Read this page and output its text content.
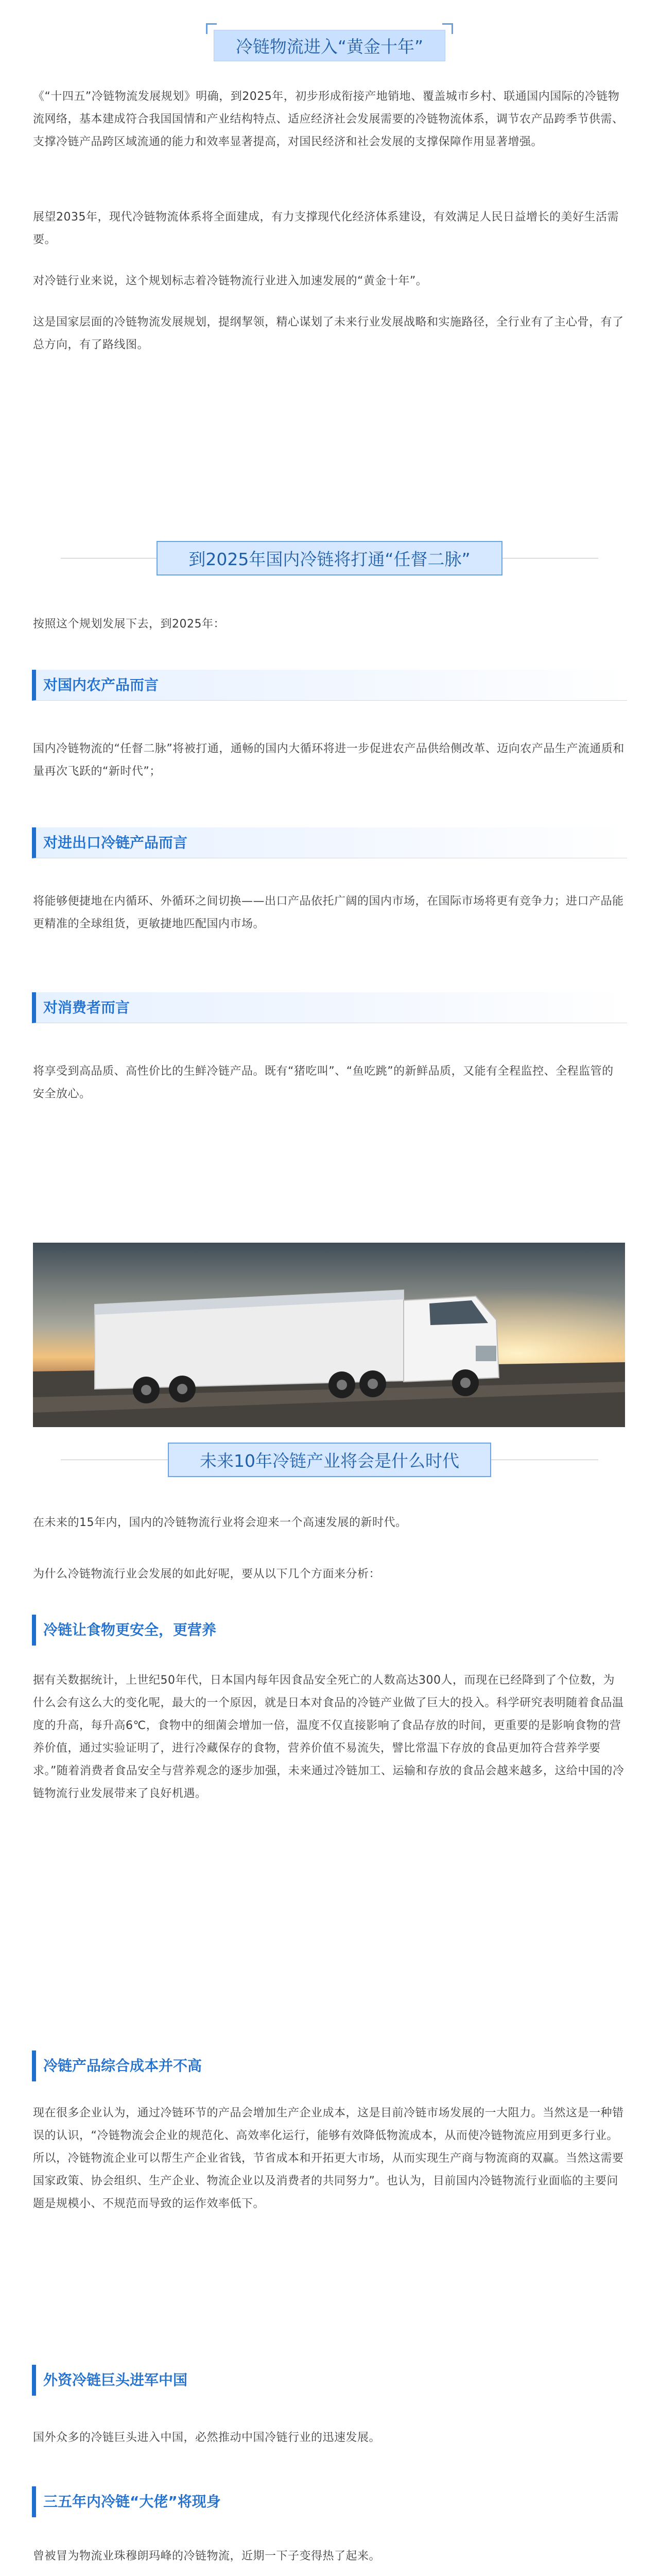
冷链物流进入“黄金十年”

《“十四五”冷链物流发展规划》明确，到2025年，初步形成衔接产地销地、覆盖城市乡村、联通国内国际的冷链物流网络，基本建成符合我国国情和产业结构特点、适应经济社会发展需要的冷链物流体系，调节农产品跨季节供需、支撑冷链产品跨区域流通的能力和效率显著提高，对国民经济和社会发展的支撑保障作用显著增强。

展望2035年，现代冷链物流体系将全面建成，有力支撑现代化经济体系建设，有效满足人民日益增长的美好生活需要。

对冷链行业来说，这个规划标志着冷链物流行业进入加速发展的“黄金十年”。

这是国家层面的冷链物流发展规划，提纲挈领，精心谋划了未来行业发展战略和实施路径，全行业有了主心骨，有了总方向，有了路线图。

到2025年国内冷链将打通“任督二脉”

按照这个规划发展下去，到2025年：

对国内农产品而言

国内冷链物流的“任督二脉”将被打通，通畅的国内大循环将进一步促进农产品供给侧改革、迈向农产品生产流通质和量再次飞跃的“新时代”；

对进出口冷链产品而言

将能够便捷地在内循环、外循环之间切换——出口产品依托广阔的国内市场，在国际市场将更有竞争力；进口产品能更精准的全球组货，更敏捷地匹配国内市场。

对消费者而言

将享受到高品质、高性价比的生鲜冷链产品。既有“猪吃叫”、“鱼吃跳”的新鲜品质，又能有全程监控、全程监管的安全放心。

未来10年冷链产业将会是什么时代

在未来的15年内，国内的冷链物流行业将会迎来一个高速发展的新时代。

为什么冷链物流行业会发展的如此好呢，要从以下几个方面来分析：

冷链让食物更安全，更营养

据有关数据统计，上世纪50年代，日本国内每年因食品安全死亡的人数高达300人，而现在已经降到了个位数，为什么会有这么大的变化呢，最大的一个原因，就是日本对食品的冷链产业做了巨大的投入。科学研究表明随着食品温度的升高，每升高6℃，食物中的细菌会增加一倍，温度不仅直接影响了食品存放的时间，更重要的是影响食物的营养价值，通过实验证明了，进行冷藏保存的食物，营养价值不易流失，譬比常温下存放的食品更加符合营养学要求。”随着消费者食品安全与营养观念的逐步加强，未来通过冷链加工、运输和存放的食品会越来越多，这给中国的冷链物流行业发展带来了良好机遇。

冷链产品综合成本并不高

现在很多企业认为，通过冷链环节的产品会增加生产企业成本，这是目前冷链市场发展的一大阻力。当然这是一种错误的认识，“冷链物流会企业的规范化、高效率化运行，能够有效降低物流成本，从而使冷链物流应用到更多行业。所以，冷链物流企业可以帮生产企业省钱，节省成本和开拓更大市场，从而实现生产商与物流商的双赢。当然这需要国家政策、协会组织、生产企业、物流企业以及消费者的共同努力”。也认为，目前国内冷链物流行业面临的主要问题是规模小、不规范而导致的运作效率低下。

外资冷链巨头进军中国

国外众多的冷链巨头进入中国，必然推动中国冷链行业的迅速发展。

三五年内冷链“大佬”将现身

曾被冒为物流业珠穆朗玛峰的冷链物流，近期一下子变得热了起来。
